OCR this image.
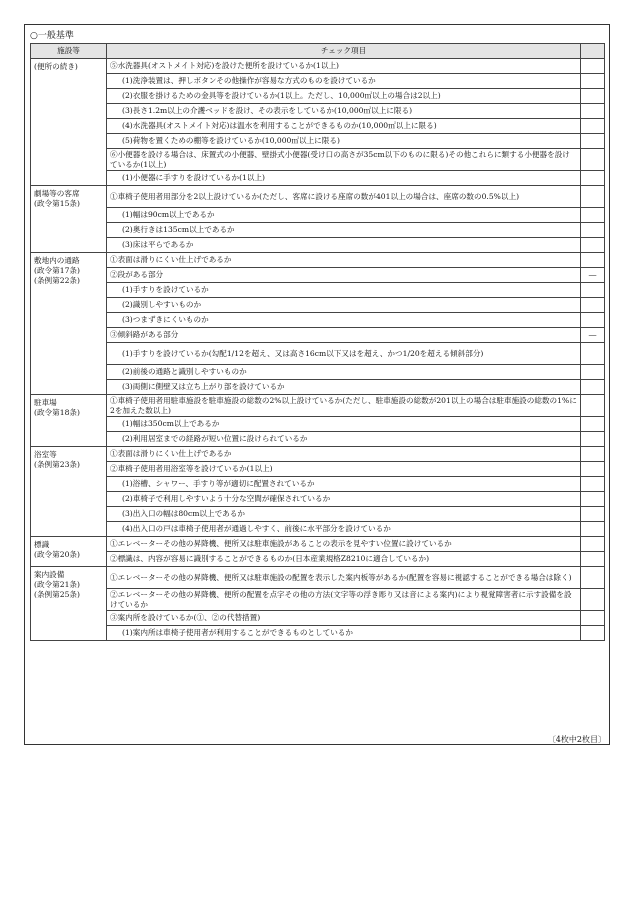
○一般基準
施設等	チェック項目	

(便所の続き)	⑤水洗器具(オストメイト対応)を設けた便所を設けているか(1以上)	
	(1)洗浄装置は、押しボタンその他操作が容易な方式のものを設けているか	
	(2)衣服を掛けるための金具等を設けているか(1以上。ただし、10,000㎡以上の場合は2以上)	
	(3)長さ1.2m以上の介護ベッドを設け、その表示をしているか(10,000㎡以上に限る)	
	(4)水洗器具(オストメイト対応)は温水を利用することができるものか(10,000㎡以上に限る)	
	(5)荷物を置くための棚等を設けているか(10,000㎡以上に限る)	
	⑥小便器を設ける場合は、床置式の小便器、壁掛式小便器(受け口の高さが35cm以下のものに限る)その他これらに類する小便器を設けているか(1以上)	
	(1)小便器に手すりを設けているか(1以上)	

劇場等の客席
(政令第15条)	①車椅子使用者用部分を2以上設けているか(ただし、客席に設ける座席の数が401以上の場合は、座席の数の0.5%以上)	
	(1)幅は90cm以上であるか	
	(2)奥行きは135cm以上であるか	
	(3)床は平らであるか	

敷地内の通路
(政令第17条)
(条例第22条)	①表面は滑りにくい仕上げであるか	
	②段がある部分	―
	(1)手すりを設けているか	
	(2)識別しやすいものか	
	(3)つまずきにくいものか	
	③傾斜路がある部分	―
	(1)手すりを設けているか(勾配1/12を超え、又は高さ16cm以下又はを超え、かつ1/20を超える傾斜部分)	
	(2)前後の通路と識別しやすいものか	
	(3)両側に側壁又は立ち上がり部を設けているか	

駐車場
(政令第18条)	①車椅子使用者用駐車施設を駐車施設の総数の2%以上設けているか(ただし、駐車施設の総数が201以上の場合は駐車施設の総数の1%に2を加えた数以上)	
	(1)幅は350cm以上であるか	
	(2)利用居室までの経路が短い位置に設けられているか	

浴室等
(条例第23条)	①表面は滑りにくい仕上げであるか	
	②車椅子使用者用浴室等を設けているか(1以上)	
	(1)浴槽、シャワー、手すり等が適切に配置されているか	
	(2)車椅子で利用しやすいよう十分な空間が確保されているか	
	(3)出入口の幅は80cm以上であるか	
	(4)出入口の戸は車椅子使用者が通過しやすく、前後に水平部分を設けているか	

標識
(政令第20条)	①エレベーターその他の昇降機、便所又は駐車施設があることの表示を見やすい位置に設けているか	
	②標識は、内容が容易に識別することができるものか(日本産業規格Z8210に適合しているか)	

案内設備
(政令第21条)
(条例第25条)	①エレベーターその他の昇降機、便所又は駐車施設の配置を表示した案内板等があるか(配置を容易に視認することができる場合は除く)	
	②エレベーターその他の昇降機、便所の配置を点字その他の方法(文字等の浮き彫り又は音による案内)により視覚障害者に示す設備を設けているか	
	③案内所を設けているか(①、②の代替措置)	
	(1)案内所は車椅子使用者が利用することができるものとしているか	
〔4枚中2枚目〕
